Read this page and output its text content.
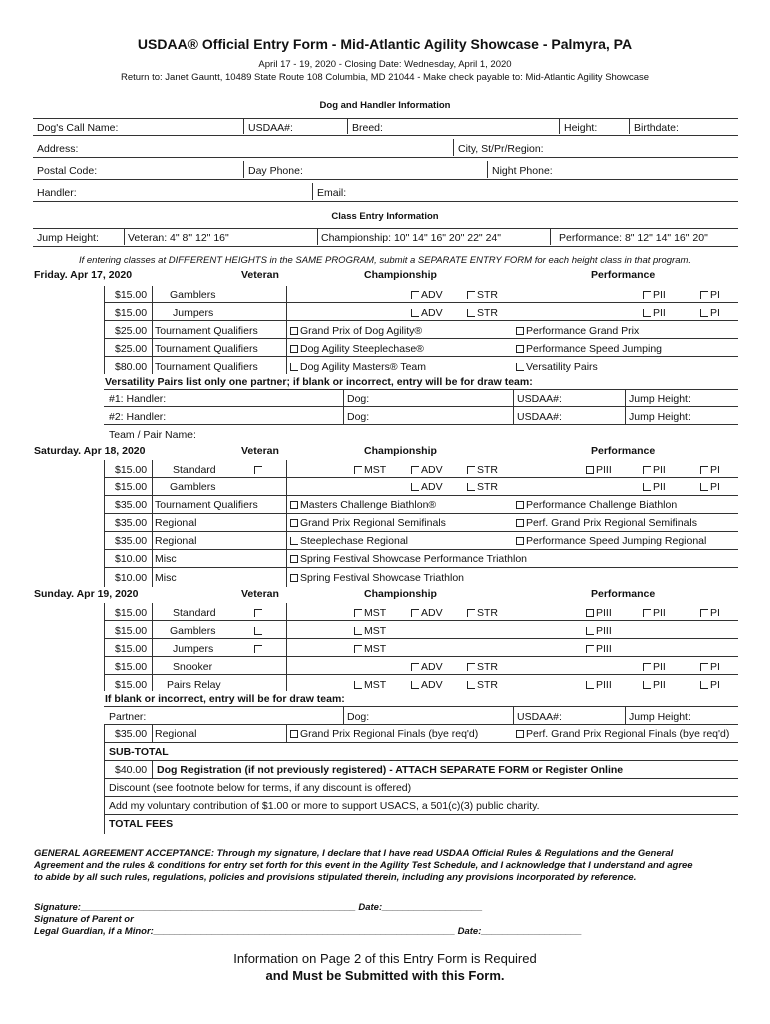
USDAA® Official Entry Form - Mid-Atlantic Agility Showcase - Palmyra, PA
April 17 - 19, 2020 - Closing Date: Wednesday, April 1, 2020
Return to: Janet Gauntt, 10489 State Route 108 Columbia, MD 21044 - Make check payable to: Mid-Atlantic Agility Showcase
Dog and Handler Information
Dog's Call Name:	USDAA#:	Breed:	Height:	Birthdate:
Address:	City, St/Pr/Region:
Postal Code:	Day Phone:	Night Phone:
Handler:	Email:
Class Entry Information
Jump Height:	Veteran: 4" 8" 12" 16"	Championship: 10" 14" 16" 20" 22" 24"	Performance: 8" 12" 14" 16" 20"
If entering classes at DIFFERENT HEIGHTS in the SAME PROGRAM, submit a SEPARATE ENTRY FORM for each height class in that program.
Friday. Apr 17, 2020	Veteran	Championship	Performance
$15.00 Gamblers	ADV	STR	PII	PI
$15.00 Jumpers	ADV	STR	PII	PI
$25.00 Tournament Qualifiers	Grand Prix of Dog Agility®	Performance Grand Prix
$25.00 Tournament Qualifiers	Dog Agility Steeplechase®	Performance Speed Jumping
$80.00 Tournament Qualifiers	Dog Agility Masters® Team	Versatility Pairs
Versatility Pairs list only one partner; if blank or incorrect, entry will be for draw team:
#1: Handler:	Dog:	USDAA#:	Jump Height:
#2: Handler:	Dog:	USDAA#:	Jump Height:
Team / Pair Name:
Saturday. Apr 18, 2020	Veteran	Championship	Performance
$15.00 Standard	MST	ADV	STR	PIII	PII	PI
$15.00 Gamblers	ADV	STR	PII	PI
$35.00 Tournament Qualifiers	Masters Challenge Biathlon®	Performance Challenge Biathlon
$35.00 Regional	Grand Prix Regional Semifinals	Perf. Grand Prix Regional Semifinals
$35.00 Regional	Steeplechase Regional	Performance Speed Jumping Regional
$10.00 Misc	Spring Festival Showcase Performance Triathlon
$10.00 Misc	Spring Festival Showcase Triathlon
Sunday. Apr 19, 2020	Veteran	Championship	Performance
$15.00 Standard	MST	ADV	STR	PIII	PII	PI
$15.00 Gamblers	MST	PIII
$15.00 Jumpers	MST	PIII
$15.00 Snooker	ADV	STR	PII	PI
$15.00 Pairs Relay	MST	ADV	STR	PIII	PII	PI
If blank or incorrect, entry will be for draw team:
Partner:	Dog:	USDAA#:	Jump Height:
$35.00 Regional	Grand Prix Regional Finals (bye req'd)	Perf. Grand Prix Regional Finals (bye req'd)
SUB-TOTAL
$40.00 Dog Registration (if not previously registered) - ATTACH SEPARATE FORM or Register Online
Discount (see footnote below for terms, if any discount is offered)
Add my voluntary contribution of $1.00 or more to support USACS, a 501(c)(3) public charity.
TOTAL FEES
GENERAL AGREEMENT ACCEPTANCE: Through my signature, I declare that I have read USDAA Official Rules & Regulations and the General
Agreement and the rules & conditions for entry set forth for this event in the Agility Test Schedule, and I acknowledge that I understand and agree
to abide by all such rules, regulations, policies and provisions stipulated therein, including any provisions incorporated by reference.
Signature:____________________________________________________ Date:___________________
Signature of Parent or
Legal Guardian, if a Minor:_________________________________________________________ Date:___________________
Information on Page 2 of this Entry Form is Required
and Must be Submitted with this Form.
